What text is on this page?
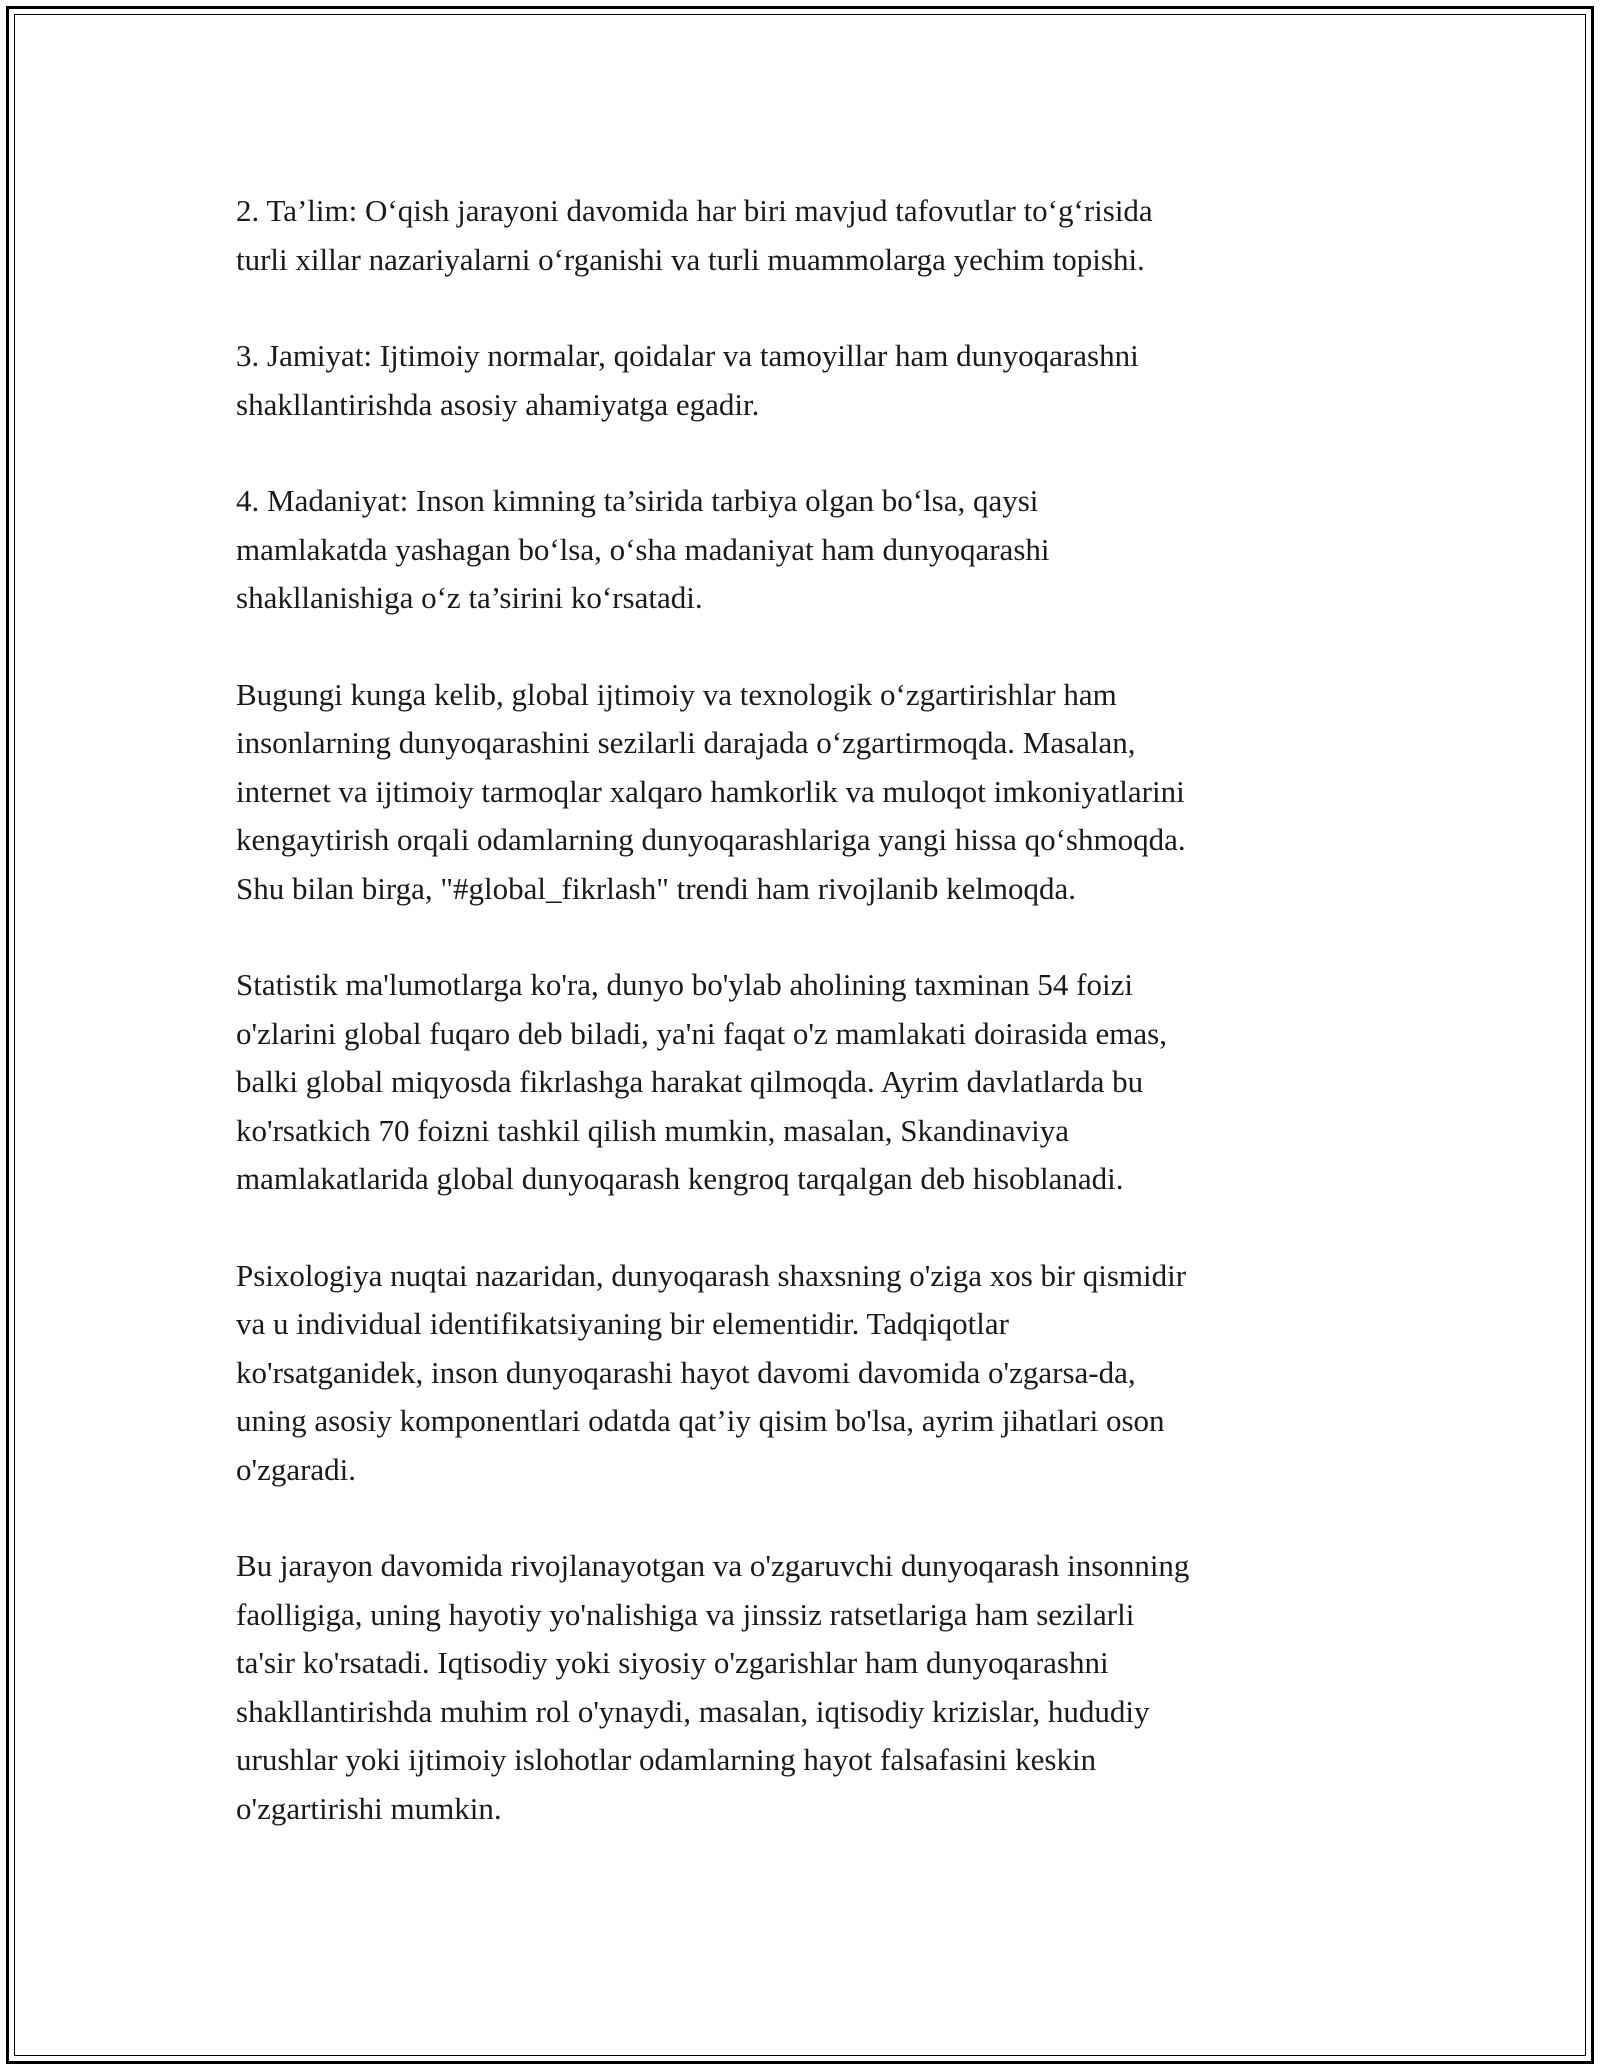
2. Ta’lim: O‘qish jarayoni davomida har biri mavjud tafovutlar to‘g‘risida
turli xillar nazariyalarni o‘rganishi va turli muammolarga yechim topishi.

3. Jamiyat: Ijtimoiy normalar, qoidalar va tamoyillar ham dunyoqarashni
shakllantirishda asosiy ahamiyatga egadir.

4. Madaniyat: Inson kimning ta’sirida tarbiya olgan bo‘lsa, qaysi
mamlakatda yashagan bo‘lsa, o‘sha madaniyat ham dunyoqarashi
shakllanishiga o‘z ta’sirini ko‘rsatadi.

Bugungi kunga kelib, global ijtimoiy va texnologik o‘zgartirishlar ham
insonlarning dunyoqarashini sezilarli darajada o‘zgartirmoqda. Masalan,
internet va ijtimoiy tarmoqlar xalqaro hamkorlik va muloqot imkoniyatlarini
kengaytirish orqali odamlarning dunyoqarashlariga yangi hissa qo‘shmoqda.
Shu bilan birga, "#global_fikrlash" trendi ham rivojlanib kelmoqda.

Statistik ma'lumotlarga ko'ra, dunyo bo'ylab aholining taxminan 54 foizi
o'zlarini global fuqaro deb biladi, ya'ni faqat o'z mamlakati doirasida emas,
balki global miqyosda fikrlashga harakat qilmoqda. Ayrim davlatlarda bu
ko'rsatkich 70 foizni tashkil qilish mumkin, masalan, Skandinaviya
mamlakatlarida global dunyoqarash kengroq tarqalgan deb hisoblanadi.

Psixologiya nuqtai nazaridan, dunyoqarash shaxsning o'ziga xos bir qismidir
va u individual identifikatsiyaning bir elementidir. Tadqiqotlar
ko'rsatganidek, inson dunyoqarashi hayot davomi davomida o'zgarsa-da,
uning asosiy komponentlari odatda qat’iy qisim bo'lsa, ayrim jihatlari oson
o'zgaradi.

Bu jarayon davomida rivojlanayotgan va o'zgaruvchi dunyoqarash insonning
faolligiga, uning hayotiy yo'nalishiga va jinssiz ratsetlariga ham sezilarli
ta'sir ko'rsatadi. Iqtisodiy yoki siyosiy o'zgarishlar ham dunyoqarashni
shakllantirishda muhim rol o'ynaydi, masalan, iqtisodiy krizislar, hududiy
urushlar yoki ijtimoiy islohotlar odamlarning hayot falsafasini keskin
o'zgartirishi mumkin.
